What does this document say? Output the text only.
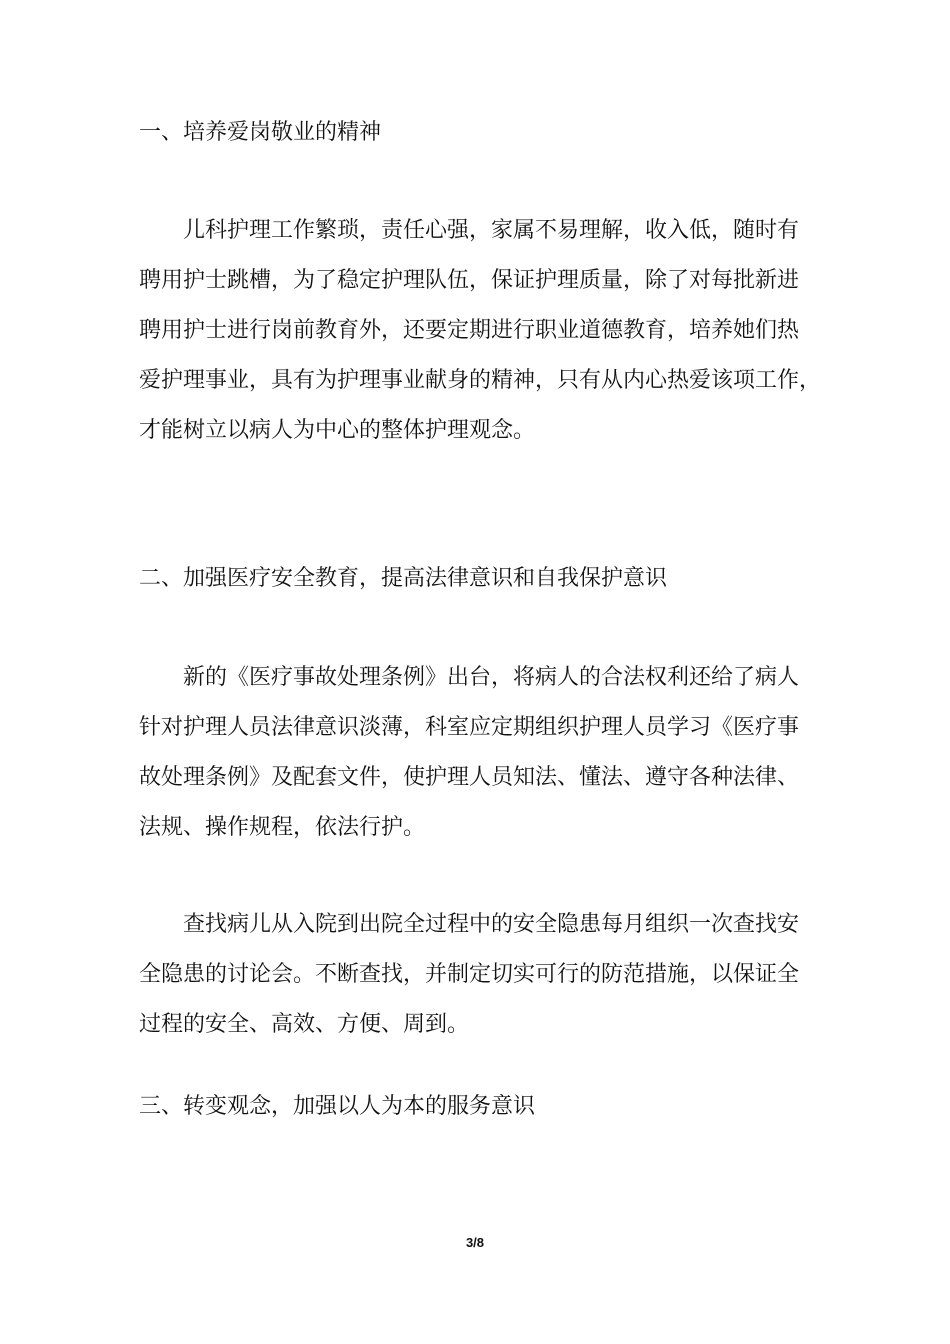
一、培养爱岗敬业的精神
儿科护理工作繁琐，责任心强，家属不易理解，收入低，随时有
聘用护士跳槽，为了稳定护理队伍，保证护理质量，除了对每批新进
聘用护士进行岗前教育外，还要定期进行职业道德教育，培养她们热
爱护理事业，具有为护理事业献身的精神，只有从内心热爱该项工作，
才能树立以病人为中心的整体护理观念。
二、加强医疗安全教育，提高法律意识和自我保护意识
新的《医疗事故处理条例》出台，将病人的合法权利还给了病人
针对护理人员法律意识淡薄，科室应定期组织护理人员学习《医疗事
故处理条例》及配套文件，使护理人员知法、懂法、遵守各种法律、
法规、操作规程，依法行护。
查找病儿从入院到出院全过程中的安全隐患每月组织一次查找安
全隐患的讨论会。不断查找，并制定切实可行的防范措施，以保证全
过程的安全、高效、方便、周到。
三、转变观念，加强以人为本的服务意识
3/8
